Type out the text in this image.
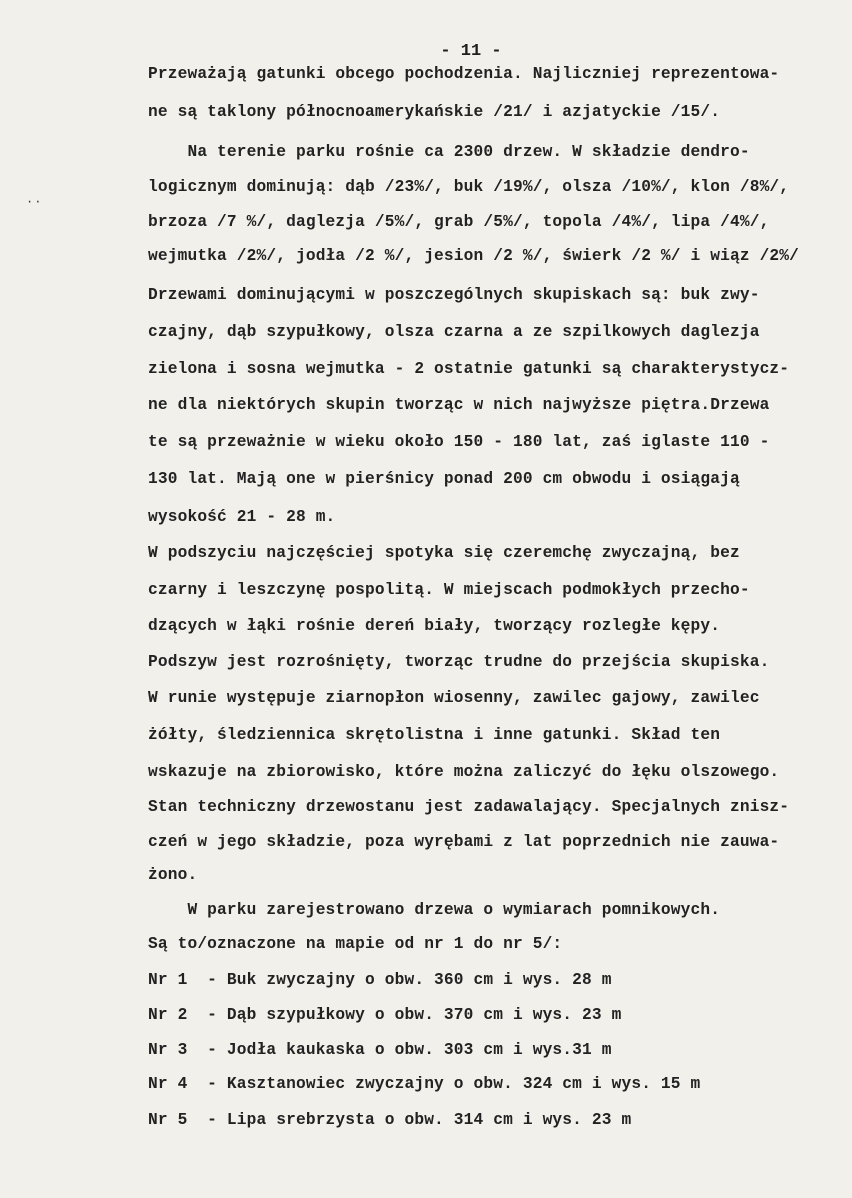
··
- 11 -
Przeważają gatunki obcego pochodzenia. Najliczniej reprezentowa-
ne są taklony północnoamerykańskie /21/ i azjatyckie /15/.
Na terenie parku rośnie ca 2300 drzew. W składzie dendro-
logicznym dominują: dąb /23%/, buk /19%/, olsza /10%/, klon /8%/,
brzoza /7 %/, daglezja /5%/, grab /5%/, topola /4%/, lipa /4%/,
wejmutka /2%/, jodła /2 %/, jesion /2 %/, świerk /2 %/ i wiąz /2%/
Drzewami dominującymi w poszczególnych skupiskach są: buk zwy-
czajny, dąb szypułkowy, olsza czarna a ze szpilkowych daglezja
zielona i sosna wejmutka - 2 ostatnie gatunki są charakterystycz-
ne dla niektórych skupin tworząc w nich najwyższe piętra.Drzewa
te są przeważnie w wieku około 150 - 180 lat, zaś iglaste 110 -
130 lat. Mają one w pierśnicy ponad 200 cm obwodu i osiągają
wysokość 21 - 28 m.
W podszyciu najczęściej spotyka się czeremchę zwyczajną, bez
czarny i leszczynę pospolitą. W miejscach podmokłych przecho-
dzących w łąki rośnie dereń biały, tworzący rozległe kępy.
Podszyw jest rozrośnięty, tworząc trudne do przejścia skupiska.
W runie występuje ziarnopłon wiosenny, zawilec gajowy, zawilec
żółty, śledziennica skrętolistna i inne gatunki. Skład ten
wskazuje na zbiorowisko, które można zaliczyć do łęku olszowego.
Stan techniczny drzewostanu jest zadawalający. Specjalnych znisz-
czeń w jego składzie, poza wyrębami z lat poprzednich nie zauwa-
żono.
W parku zarejestrowano drzewa o wymiarach pomnikowych.
Są to/oznaczone na mapie od nr 1 do nr 5/:
Nr 1  - Buk zwyczajny o obw. 360 cm i wys. 28 m
Nr 2  - Dąb szypułkowy o obw. 370 cm i wys. 23 m
Nr 3  - Jodła kaukaska o obw. 303 cm i wys.31 m
Nr 4  - Kasztanowiec zwyczajny o obw. 324 cm i wys. 15 m
Nr 5  - Lipa srebrzysta o obw. 314 cm i wys. 23 m
